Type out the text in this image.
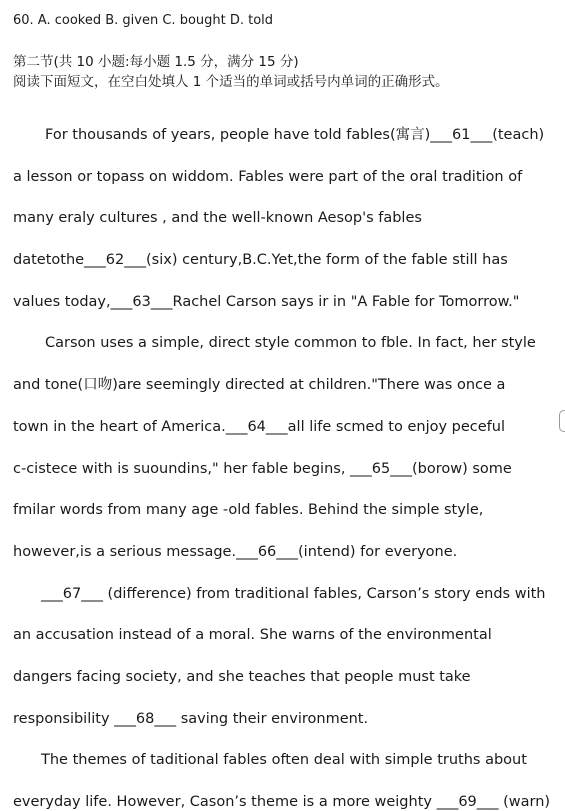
60. A. cooked B. given C. bought D. told
第二节(共 10 小题:每小题 1.5 分，满分 15 分)
阅读下面短文，在空白处填人 1 个适当的单词或括号内单词的正确形式。
For thousands of years, people have told fables(寓言)___61___(teach)
a lesson or topass on widdom. Fables were part of the oral tradition of
many eraly cultures , and the well-known Aesop's fables
datetothe___62___(six) century,B.C.Yet,the form of the fable still has
values today,___63___Rachel Carson says ir in "A Fable for Tomorrow."
Carson uses a simple, direct style common to fble. In fact, her style
and tone(口吻)are seemingly directed at children."There was once a
town in the heart of America.___64___all life scmed to enjoy peceful
c-cistece with is suoundins," her fable begins, ___65___(borow) some
fmilar words from many age -old fables. Behind the simple style,
however,is a serious message.___66___(intend) for everyone.
___67___ (difference) from traditional fables, Carson’s story ends with
an accusation instead of a moral. She warns of the environmental
dangers facing society, and she teaches that people must take
responsibility ___68___ saving their environment.
The themes of taditional fables often deal with simple truths about
everyday life. However, Cason’s theme is a more weighty ___69___ (warn)
